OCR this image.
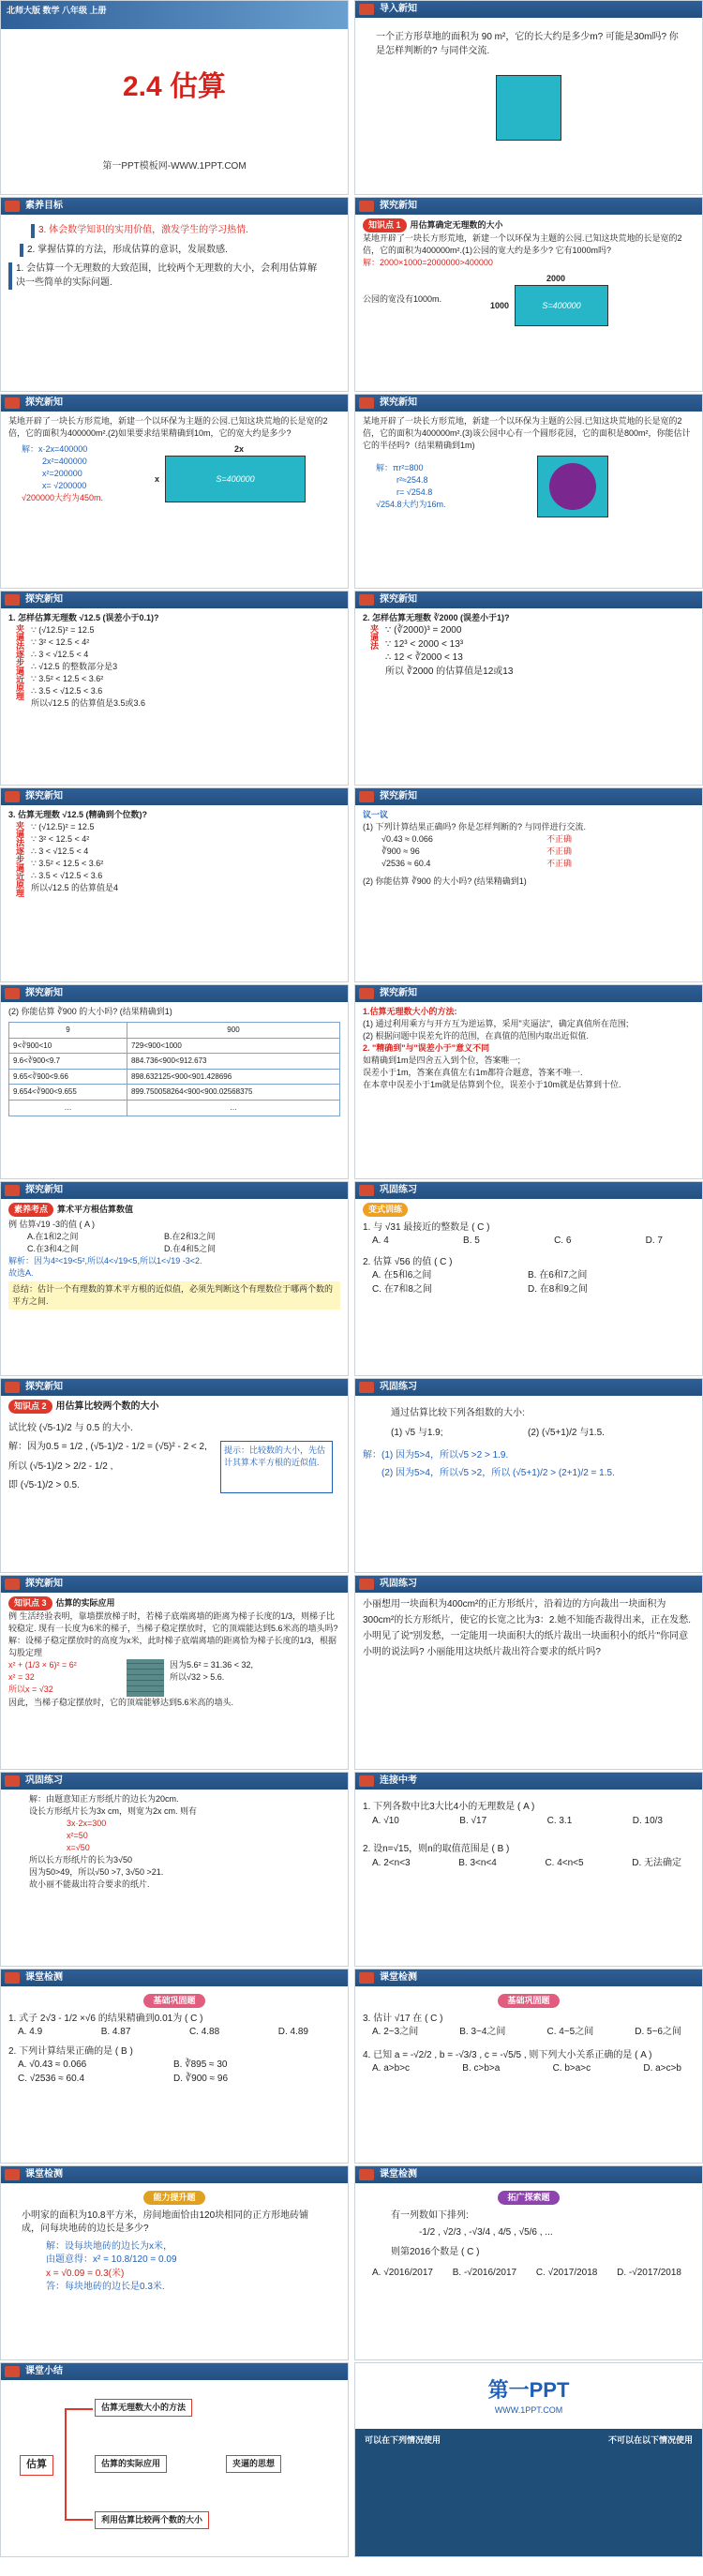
北师大版 数学 八年级 上册
2.4 估算
第一PPT模板网-WWW.1PPT.COM
导入新知
一个正方形草地的面积为 90 m²，它的长大约是多少m? 可能是30m吗? 你是怎样判断的? 与同伴交流.
素养目标
3. 体会数学知识的实用价值，激发学生的学习热情.
2. 掌握估算的方法，形成估算的意识，发展数感.
1. 会估算一个无理数的大致范围，比较两个无理数的大小，会利用估算解决一些简单的实际问题.
探究新知
知识点 1 用估算确定无理数的大小
某地开辟了一块长方形荒地，新建一个以环保为主题的公园.已知这块荒地的长是宽的2倍，它的面积为400000m².(1)公园的宽大约是多少? 它有1000m吗?
解：2000×1000=2000000>400000
公园的宽没有1000m.
2000
1000	S=400000
探究新知
某地开辟了一块长方形荒地，新建一个以环保为主题的公园.已知这块荒地的长是宽的2倍，它的面积为400000m².(2)如果要求结果精确到10m，它的宽大约是多少?
解：x·2x=400000
2x²=400000
x²=200000
x= √200000
√200000大约为450m.
2x
x	S=400000
探究新知
某地开辟了一块长方形荒地，新建一个以环保为主题的公园.已知这块荒地的长是宽的2倍，它的面积为400000m².(3)该公园中心有一个圆形花园，它的面积是800m²，你能估计它的半径吗?（结果精确到1m)
解：πr²=800
r²≈254.8
r= √254.8
√254.8大约为16m.
探究新知
1. 怎样估算无理数 √12.5 (误差小于0.1)?
夹逼法逐步逼近原理 ∵ (√12.5)² = 12.5
∵ 3² < 12.5 < 4²
∴ 3 < √12.5 < 4
∴ √12.5 的整数部分是3
∵ 3.5² < 12.5 < 3.6²
∴ 3.5 < √12.5 < 3.6
所以√12.5 的估算值是3.5或3.6
探究新知
2. 怎样估算无理数 ∛2000 (误差小于1)?
夹逼法 ∵ (∛2000)³ = 2000
∵ 12³ < 2000 < 13³
∴ 12 < ∛2000 < 13
所以 ∛2000 的估算值是12或13
探究新知
3. 估算无理数 √12.5 (精确到个位数)?
夹逼法逐步逼近原理 ∵ (√12.5)² = 12.5
∵ 3² < 12.5 < 4²
∴ 3 < √12.5 < 4
∵ 3.5² < 12.5 < 3.6²
∴ 3.5 < √12.5 < 3.6
所以√12.5 的估算值是4
探究新知
议一议
(1) 下列计算结果正确吗? 你是怎样判断的? 与同伴进行交流.
√0.43 ≈ 0.066	不正确
∛900 ≈ 96	不正确
√2536 ≈ 60.4	不正确
(2) 你能估算 ∛900 的大小吗? (结果精确到1)
探究新知
(2) 你能估算 ∛900 的大小吗? (结果精确到1)
9	900
9<∛900<10	729<900<1000
9.6<∛900<9.7	884.736<900<912.673
9.65<∛900<9.66	898.632125<900<901.428696
9.654<∛900<9.655	899.750058264<900<900.02568375
…	…
探究新知
1.估算无理数大小的方法:
(1) 通过利用乘方与开方互为逆运算，采用"夹逼法"，确定真值所在范围;
(2) 根据问题中误差允许的范围，在真值的范围内取出近似值.
2. "精确到"与"误差小于"意义不同
如精确到1m是四舍五入到个位，答案唯一;
误差小于1m，答案在真值左右1m都符合题意，答案不唯一.
在本章中误差小于1m就是估算到个位，误差小于10m就是估算到十位.
探究新知
素养考点 算术平方根估算数值
例 估算√19 -3的值 ( A )
A.在1和2之间	B.在2和3之间
C.在3和4之间	D.在4和5之间
解析：因为4²<19<5²,所以4<√19<5,所以1<√19 -3<2.
故选A.
总结：估计一个有理数的算术平方根的近似值，必须先判断这个有理数位于哪两个数的平方之间.
巩固练习
变式训练
1. 与 √31 最接近的整数是 ( C )
A. 4	B. 5	C. 6	D. 7
2. 估算 √56 的值 ( C )
A. 在5和6之间	B. 在6和7之间
C. 在7和8之间	D. 在8和9之间
探究新知
知识点 2 用估算比较两个数的大小
试比较 (√5-1)/2 与 0.5 的大小.
解：因为0.5 = 1/2 , (√5-1)/2 - 1/2 = (√5)² - 2 < 2,
所以 (√5-1)/2 > 2/2 - 1/2 ,
即 (√5-1)/2 > 0.5.
提示：比较数的大小，先估计其算术平方根的近似值.
巩固练习
通过估算比较下列各组数的大小:
(1) √5 与1.9;	(2) (√5+1)/2 与1.5.
解：(1) 因为5>4，所以√5 >2 > 1.9.
(2) 因为5>4，所以√5 >2，所以 (√5+1)/2 > (2+1)/2 = 1.5.
探究新知
知识点 3 估算的实际应用
例 生活经验表明，靠墙摆放梯子时，若梯子底端离墙的距离为梯子长度的1/3，则梯子比较稳定. 现有一长度为6米的梯子，当梯子稳定摆放时，它的顶端能达到5.6米高的墙头吗?
解：设梯子稳定摆放时的高度为x米，此时梯子底端离墙的距离恰为梯子长度的1/3，根据勾股定理
x² + (1/3 × 6)² = 6²
x² = 32
所以x = √32
因为5.6² = 31.36 < 32,
所以√32 > 5.6.
因此，当梯子稳定摆放时，它的顶端能够达到5.6米高的墙头.
巩固练习
小丽想用一块面积为400cm²的正方形纸片，沿着边的方向裁出一块面积为300cm²的长方形纸片，使它的长宽之比为3：2.她不知能否裁得出来，正在发愁.小明见了说"别发愁，一定能用一块面积大的纸片裁出一块面积小的纸片"你同意小明的说法吗? 小丽能用这块纸片裁出符合要求的纸片吗?
巩固练习
解：由题意知正方形纸片的边长为20cm.
设长方形纸片长为3x cm，则宽为2x cm. 则有
3x·2x=300
x²=50
x=√50
所以长方形纸片的长为3√50
因为50>49，所以√50 >7, 3√50 >21.
故小丽不能裁出符合要求的纸片.
连接中考
1. 下列各数中比3大比4小的无理数是 ( A )
A. √10	B. √17	C. 3.1	D. 10/3
2. 设n=√15，则n的取值范围是 ( B )
A. 2<n<3	B. 3<n<4	C. 4<n<5	D. 无法确定
课堂检测
基础巩固题
1. 式子 2√3 - 1/2 ×√6 的结果精确到0.01为 ( C )
A. 4.9	B. 4.87	C. 4.88	D. 4.89
2. 下列计算结果正确的是 ( B )
A. √0.43 ≈ 0.066	B. ∛895 ≈ 30
C. √2536 ≈ 60.4	D. ∛900 ≈ 96
课堂检测
基础巩固题
3. 估计 √17 在 ( C )
A. 2~3之间	B. 3~4之间	C. 4~5之间	D. 5~6之间
4. 已知 a = -√2/2 , b = -√3/3 , c = -√5/5 , 则下列大小关系正确的是 ( A )
A. a>b>c	B. c>b>a	C. b>a>c	D. a>c>b
课堂检测
能力提升题
小明家的面积为10.8平方米，房间地面恰由120块相同的正方形地砖铺成，问每块地砖的边长是多少?
解：设每块地砖的边长为x米，
由题意得：x² = 10.8/120 = 0.09
x = √0.09 = 0.3(米)
答：每块地砖的边长是0.3米.
课堂检测
拓广探索题
有一列数如下排列:
-1/2 , √2/3 , -√3/4 , 4/5 , √5/6 , ...
则第2016个数是 ( C )
A. √2016/2017 B. -√2016/2017 C. √2017/2018 D. -√2017/2018
课堂小结
估算
估算无理数大小的方法
估算的实际应用	夹逼的思想
利用估算比较两个数的大小
第一PPT
WWW.1PPT.COM
可以在下列情况使用	不可以在以下情况使用
